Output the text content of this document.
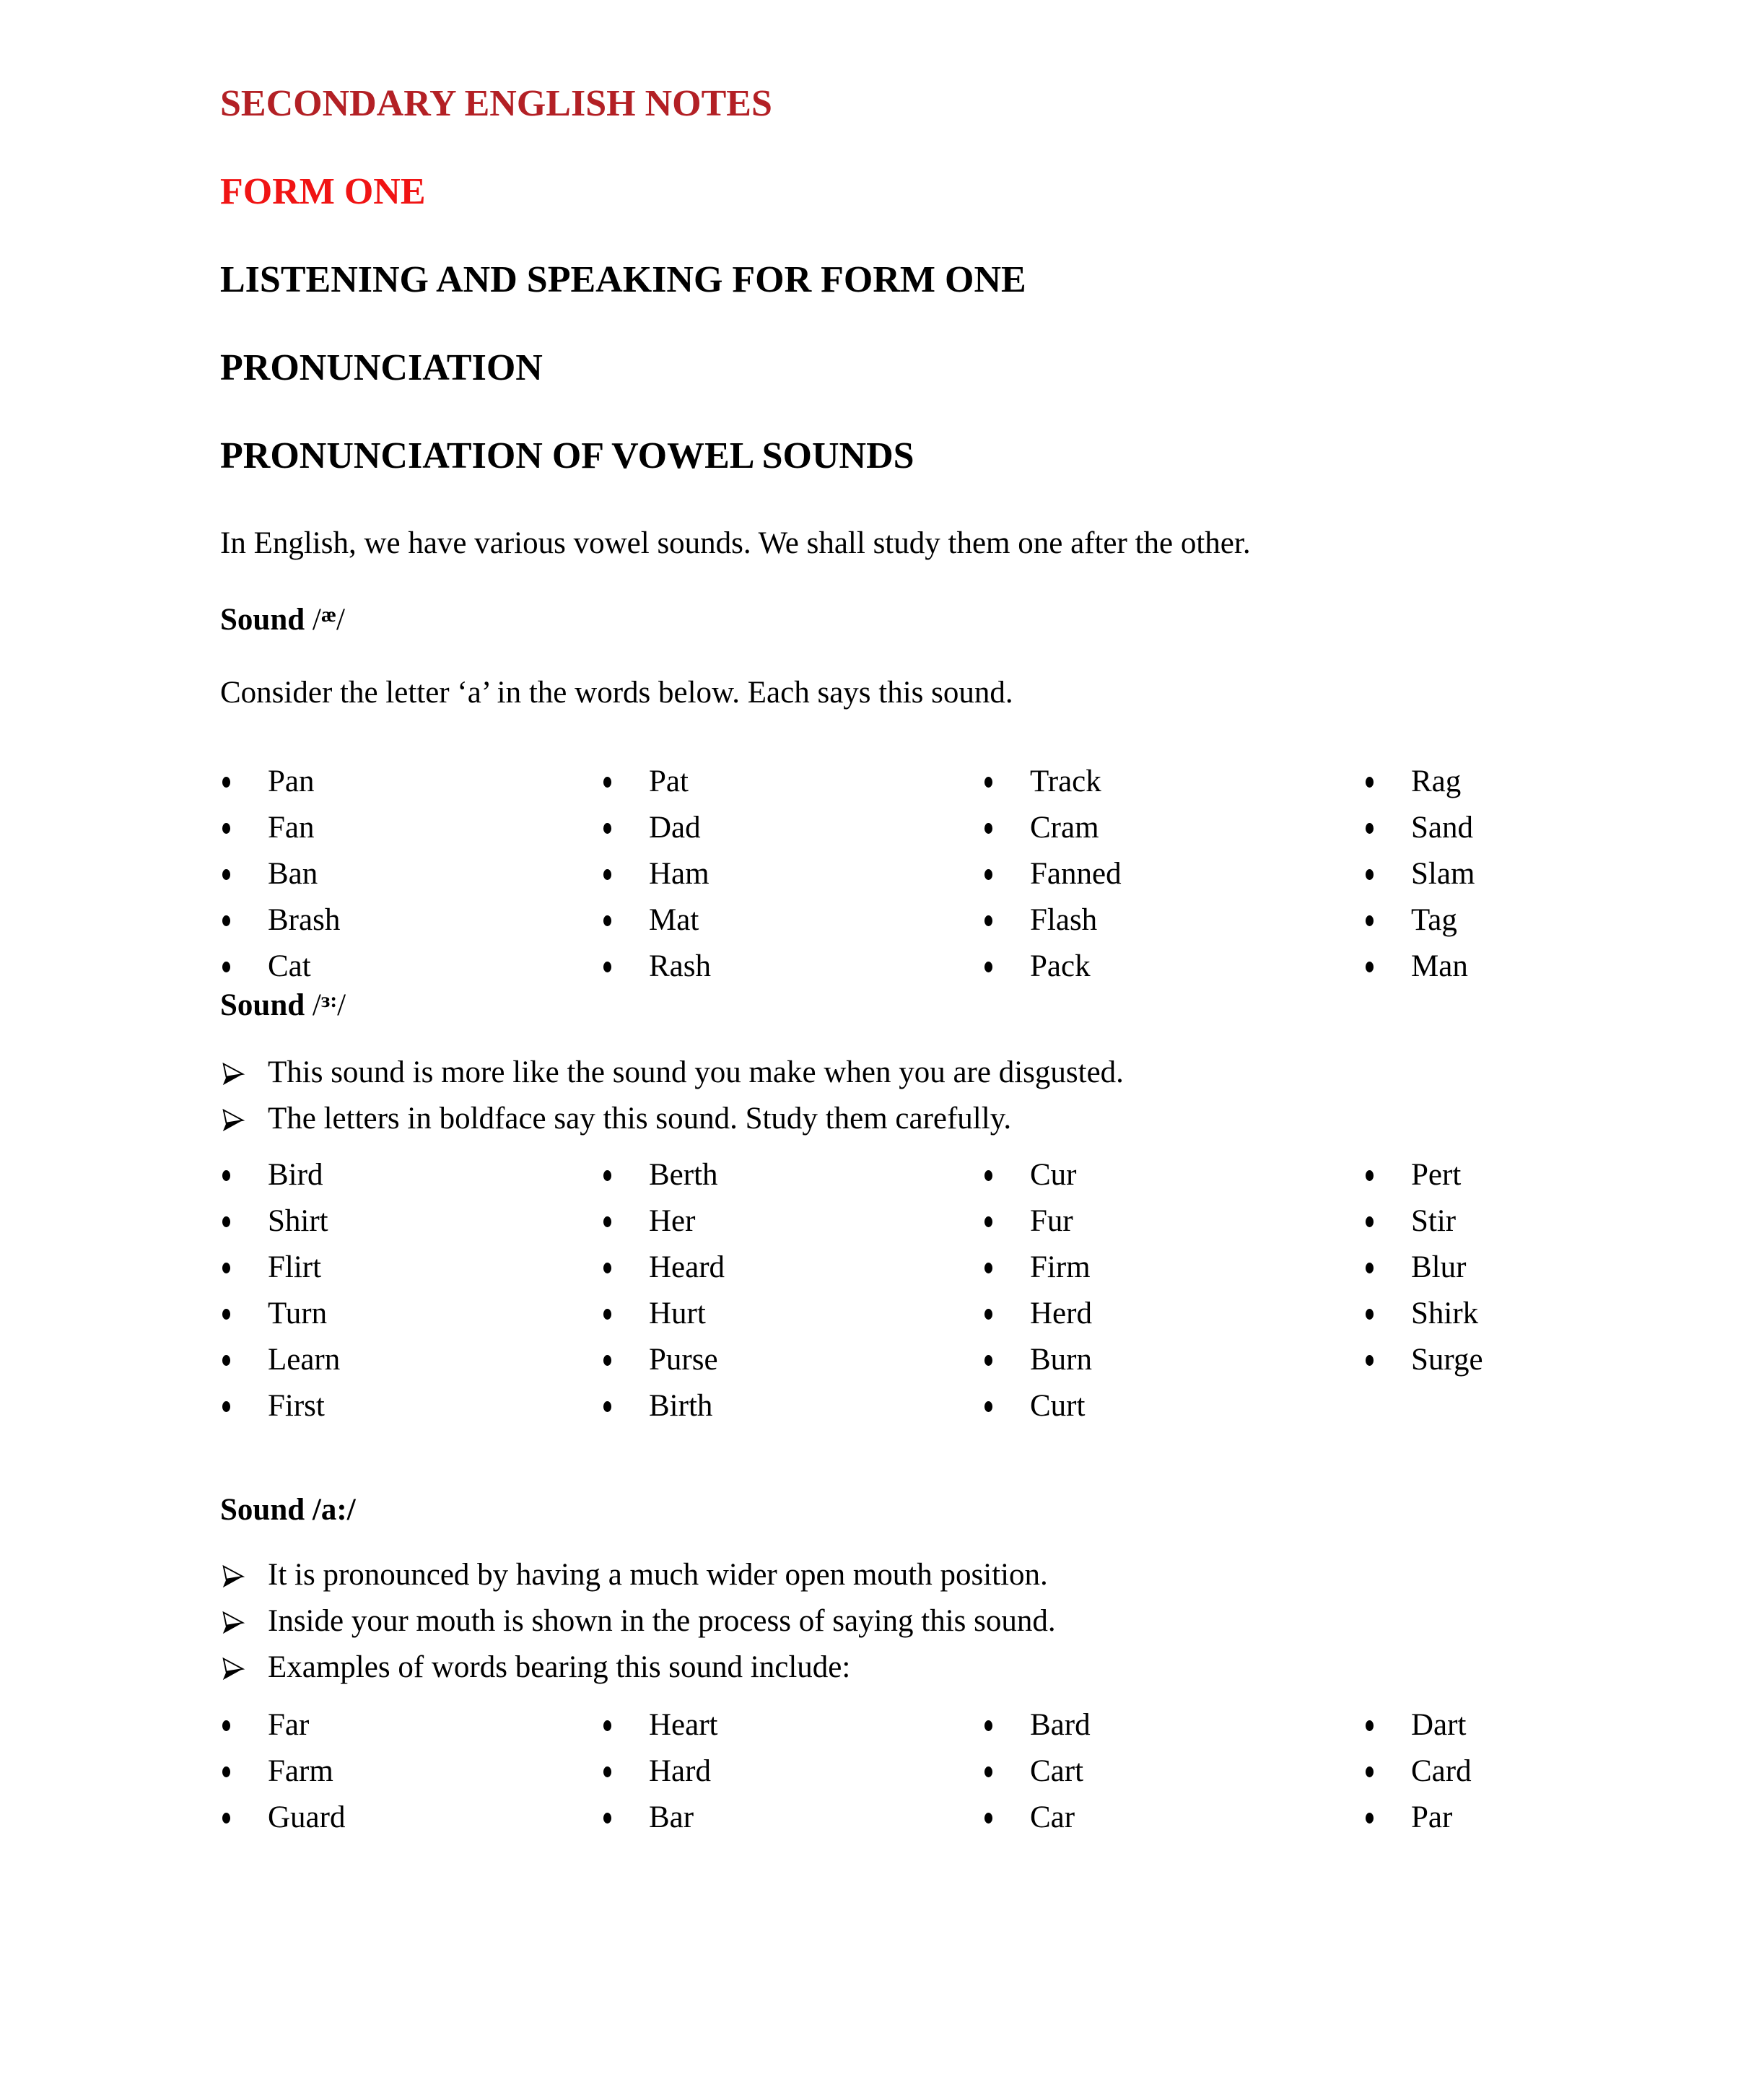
SECONDARY ENGLISH NOTES
FORM ONE
LISTENING AND SPEAKING FOR FORM ONE
PRONUNCIATION
PRONUNCIATION OF VOWEL SOUNDS

In English, we have various vowel sounds. We shall study them one after the other.

Sound /$^æ$/

Consider the letter ‘a’ in the words below. Each says this sound.

Pan
Fan
Ban
Brash
Cat
Pat
Dad
Ham
Mat
Rash
Track
Cram
Fanned
Flash
Pack
Rag
Sand
Slam
Tag
Man

Sound /$^{ɜ:}$/

This sound is more like the sound you make when you are disgusted.
The letters in boldface say this sound. Study them carefully.
Bird
Shirt
Flirt
Turn
Learn
First
Berth
Her
Heard
Hurt
Purse
Birth
Cur
Fur
Firm
Herd
Burn
Curt
Pert
Stir
Blur
Shirk
Surge

Sound /a:/

It is pronounced by having a much wider open mouth position.
Inside your mouth is shown in the process of saying this sound.
Examples of words bearing this sound include:
Far
Farm
Guard
Heart
Hard
Bar
Bard
Cart
Car
Dart
Card
Par
